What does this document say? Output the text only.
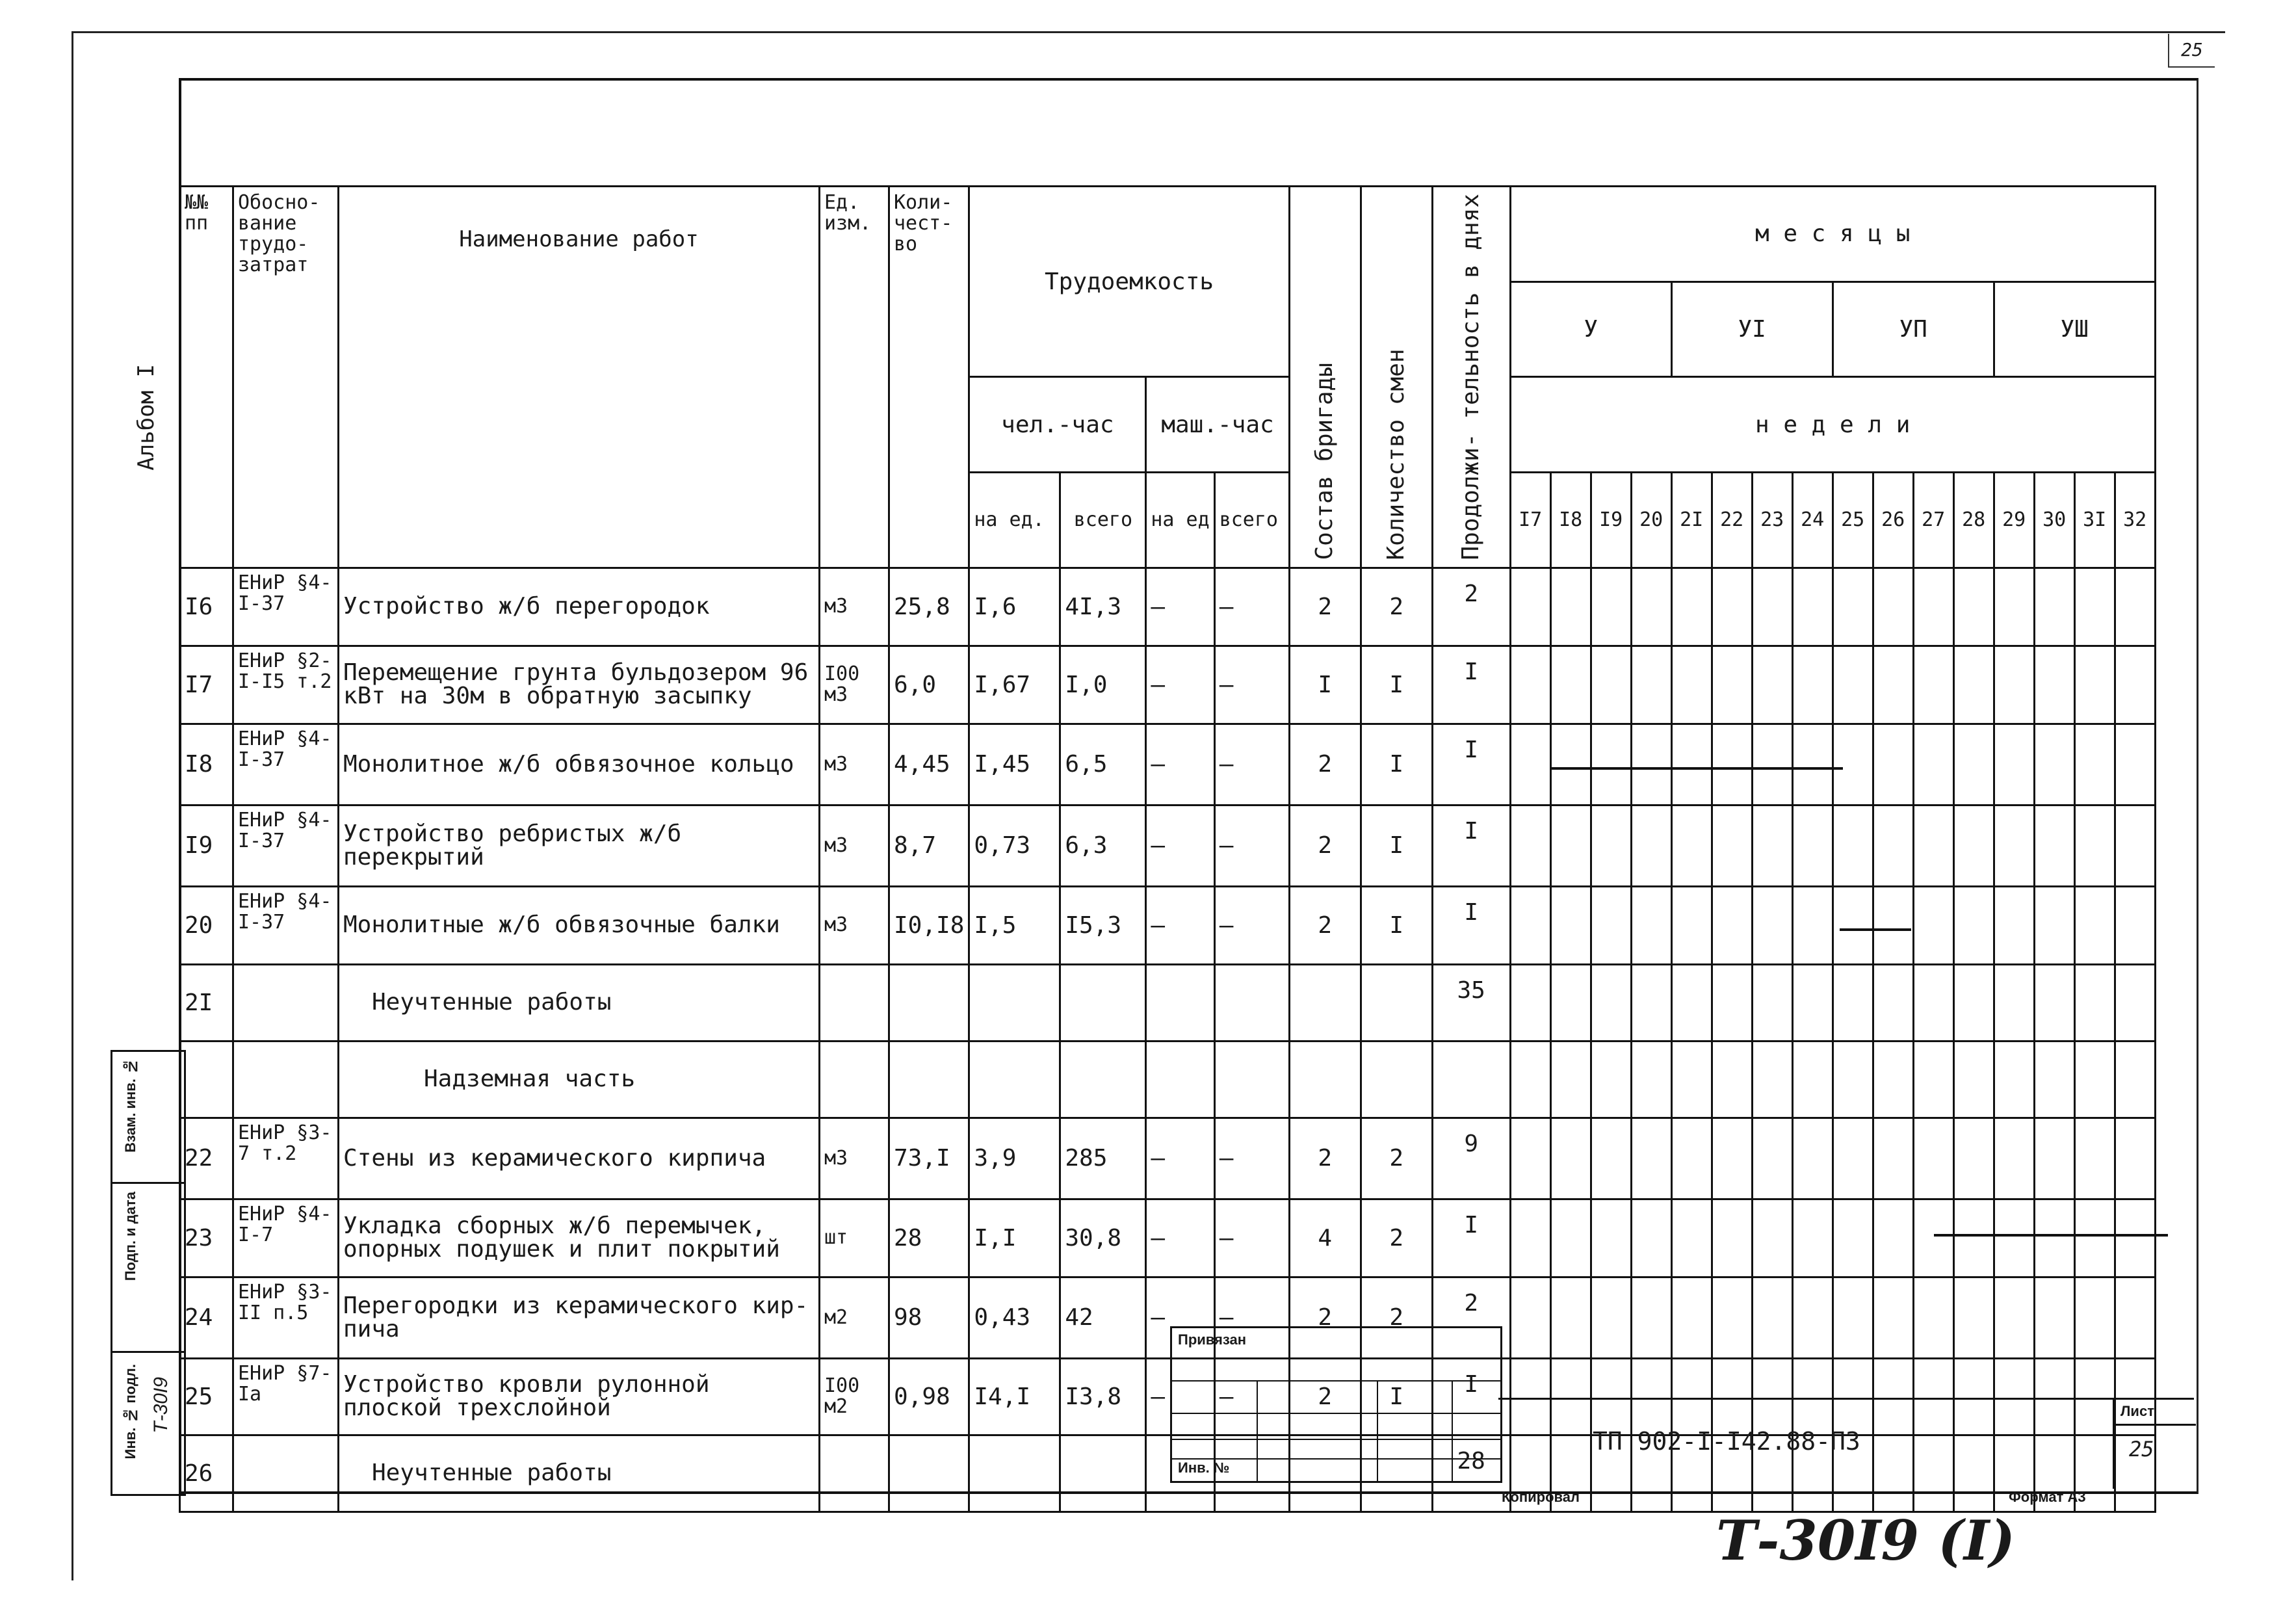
25
Альбом I
№№ пп	Обосно- вание трудо- затрат	Наименование работ	Ед. изм.	Коли- чест- во	Трудоемкость				Состав бригады	Количество смен	Продолжи- тельность в днях	м е с я ц ы															
												У				УI				УП				УШ			
					чел.-час		маш.-час					н е д е л и															
					на ед.	всего	на ед	всего				I7	I8	I9	20	2I	22	23	24	25	26	27	28	29	30	3I	32
I6	ЕНиР §4-I-37	Устройство ж/б перегородок	м3	25,8	I,6	4I,3	–	–	2	2	2																
I7	ЕНиР §2-I-I5 т.2	Перемещение грунта бульдозером 96 кВт на 30м в обратную засыпку	I00 м3	6,0	I,67	I,0	–	–	I	I	I																
I8	ЕНиР §4-I-37	Монолитное ж/б обвязочное кольцо	м3	4,45	I,45	6,5	–	–	2	I	I																
I9	ЕНиР §4-I-37	Устройство ребристых ж/б перекрытий	м3	8,7	0,73	6,3	–	–	2	I	I																
20	ЕНиР §4-I-37	Монолитные ж/б обвязочные балки	м3	I0,I8	I,5	I5,3	–	–	2	I	I																
2I		Неучтенные работы									35																
		Надземная часть																									
22	ЕНиР §3-7 т.2	Стены из керамического кирпича	м3	73,I	3,9	285	–	–	2	2	9																
23	ЕНиР §4-I-7	Укладка сборных ж/б перемычек, опорных подушек и плит покрытий	шт	28	I,I	30,8	–	–	4	2	I																
24	ЕНиР §3-II п.5	Перегородки из керамического кир- пича	м2	98	0,43	42	–	–	2	2	2																
25	ЕНиР §7-Iа	Устройство кровли рулонной плоской трехслойной	I00 м2	0,98	I4,I	I3,8	–	–	2	I	I																
26		Неучтенные работы									28																
Взам. инв. №
Подп. и дата
Инв. № подл. Т-30I9
Привязан
Инв. №
ТП 902-I-I42.88-ПЗ
Лист
25
Копировал	Формат А3
Т-30I9 (I)
